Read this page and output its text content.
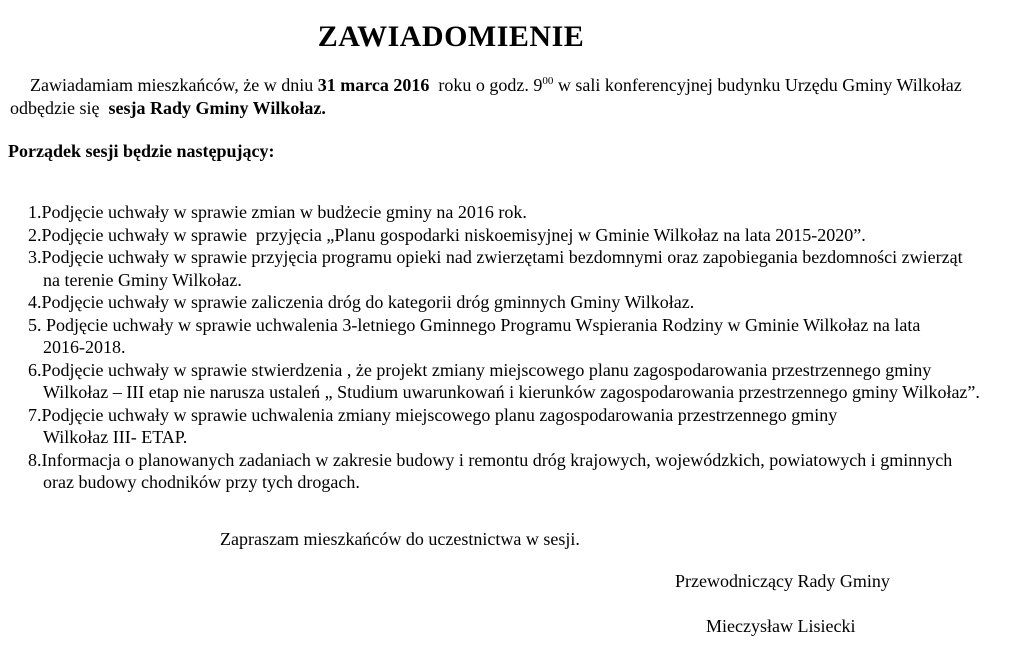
ZAWIADOMIENIE
Zawiadamiam mieszkańców, że w dniu 31 marca 2016  roku o godz. $9^{00}$ w sali konferencyjnej budynku Urzędu Gminy Wilkołaz
odbędzie się  sesja Rady Gminy Wilkołaz.
Porządek sesji będzie następujący:
1.Podjęcie uchwały w sprawie zmian w budżecie gminy na 2016 rok.
2.Podjęcie uchwały w sprawie  przyjęcia „Planu gospodarki niskoemisyjnej w Gminie Wilkołaz na lata 2015-2020”.
3.Podjęcie uchwały w sprawie przyjęcia programu opieki nad zwierzętami bezdomnymi oraz zapobiegania bezdomności zwierząt
na terenie Gminy Wilkołaz.
4.Podjęcie uchwały w sprawie zaliczenia dróg do kategorii dróg gminnych Gminy Wilkołaz.
5. Podjęcie uchwały w sprawie uchwalenia 3-letniego Gminnego Programu Wspierania Rodziny w Gminie Wilkołaz na lata
2016-2018.
6.Podjęcie uchwały w sprawie stwierdzenia , że projekt zmiany miejscowego planu zagospodarowania przestrzennego gminy
Wilkołaz – III etap nie narusza ustaleń „ Studium uwarunkowań i kierunków zagospodarowania przestrzennego gminy Wilkołaz”.
7.Podjęcie uchwały w sprawie uchwalenia zmiany miejscowego planu zagospodarowania przestrzennego gminy
Wilkołaz III- ETAP.
8.Informacja o planowanych zadaniach w zakresie budowy i remontu dróg krajowych, wojewódzkich, powiatowych i gminnych
oraz budowy chodników przy tych drogach.
Zapraszam mieszkańców do uczestnictwa w sesji.
Przewodniczący Rady Gminy
Mieczysław Lisiecki
